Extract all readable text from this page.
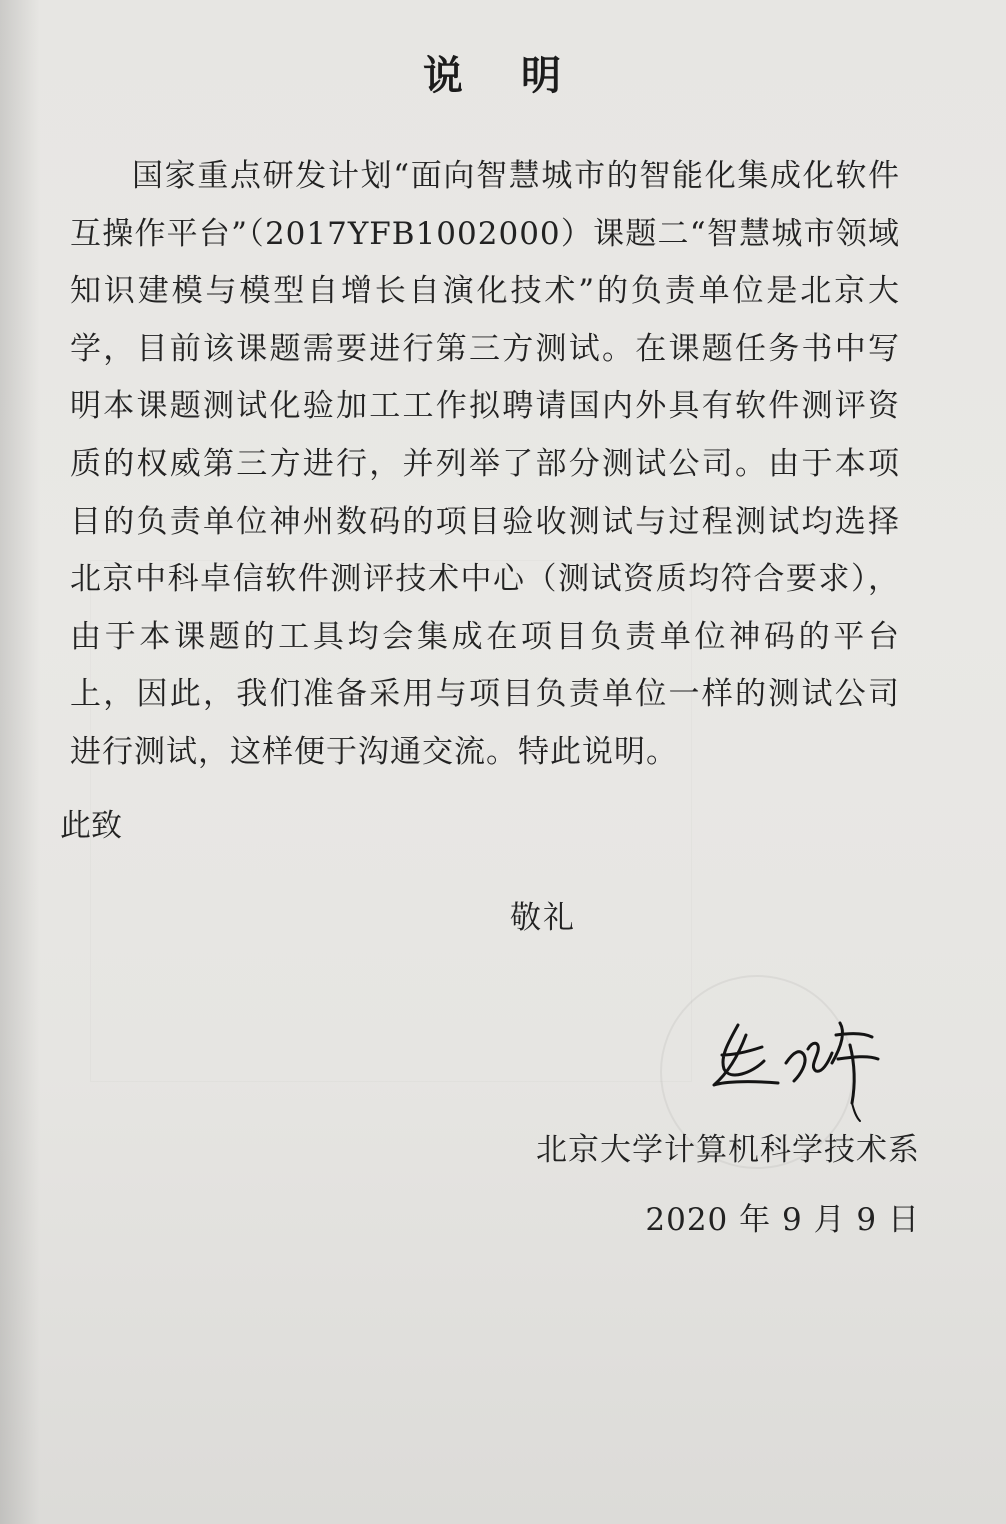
说 明
国家重点研发计划“面向智慧城市的智能化集成化软件互操作平台”（2017YFB1002000）课题二“智慧城市领域知识建模与模型自增长自演化技术”的负责单位是北京大学，目前该课题需要进行第三方测试。在课题任务书中写明本课题测试化验加工工作拟聘请国内外具有软件测评资质的权威第三方进行，并列举了部分测试公司。由于本项目的负责单位神州数码的项目验收测试与过程测试均选择北京中科卓信软件测评技术中心（测试资质均符合要求），由于本课题的工具均会集成在项目负责单位神码的平台上，因此，我们准备采用与项目负责单位一样的测试公司进行测试，这样便于沟通交流。特此说明。
此致
敬礼
北京大学计算机科学技术系
2020 年 9 月 9 日
